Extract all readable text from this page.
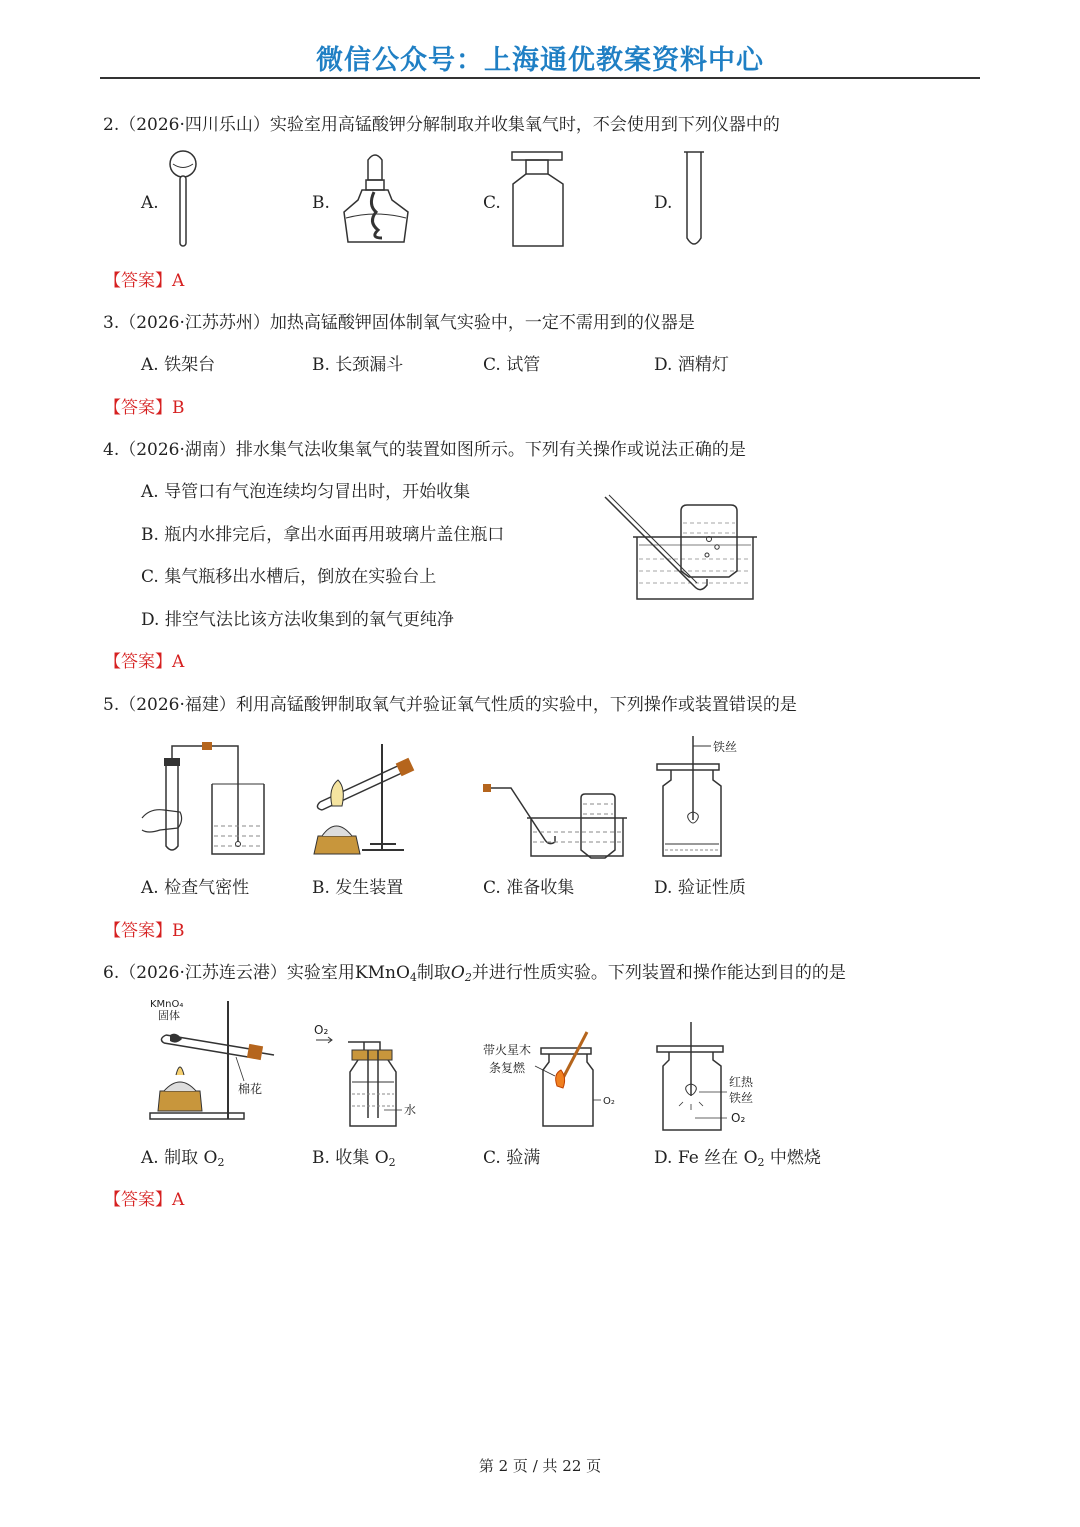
微信公众号：上海通优教案资料中心
2.（2026·四川乐山）实验室用高锰酸钾分解制取并收集氧气时，不会使用到下列仪器中的
A.	B.	C.	D.
【答案】A
3.（2026·江苏苏州）加热高锰酸钾固体制氧气实验中，一定不需用到的仪器是
A. 铁架台	B. 长颈漏斗	C. 试管	D. 酒精灯
【答案】B
4.（2026·湖南）排水集气法收集氧气的装置如图所示。下列有关操作或说法正确的是
A. 导管口有气泡连续均匀冒出时，开始收集
B. 瓶内水排完后，拿出水面再用玻璃片盖住瓶口
C. 集气瓶移出水槽后，倒放在实验台上
D. 排空气法比该方法收集到的氧气更纯净
【答案】A
5.（2026·福建）利用高锰酸钾制取氧气并验证氧气性质的实验中，下列操作或装置错误的是
铁丝
A. 检查气密性	B. 发生装置	C. 准备收集	D. 验证性质
【答案】B
6.（2026·江苏连云港）实验室用KMnO$_4$制取$O_2$并进行性质实验。下列装置和操作能达到目的的是
KMnO₄
固体
棉花
O₂
水
带火星木
条复燃
O₂
红热
铁丝
O₂
A. 制取 $O_2$	B. 收集 $O_2$	C. 验满	D. Fe 丝在 $O_2$ 中燃烧
【答案】A
第 2 页 / 共 22 页
